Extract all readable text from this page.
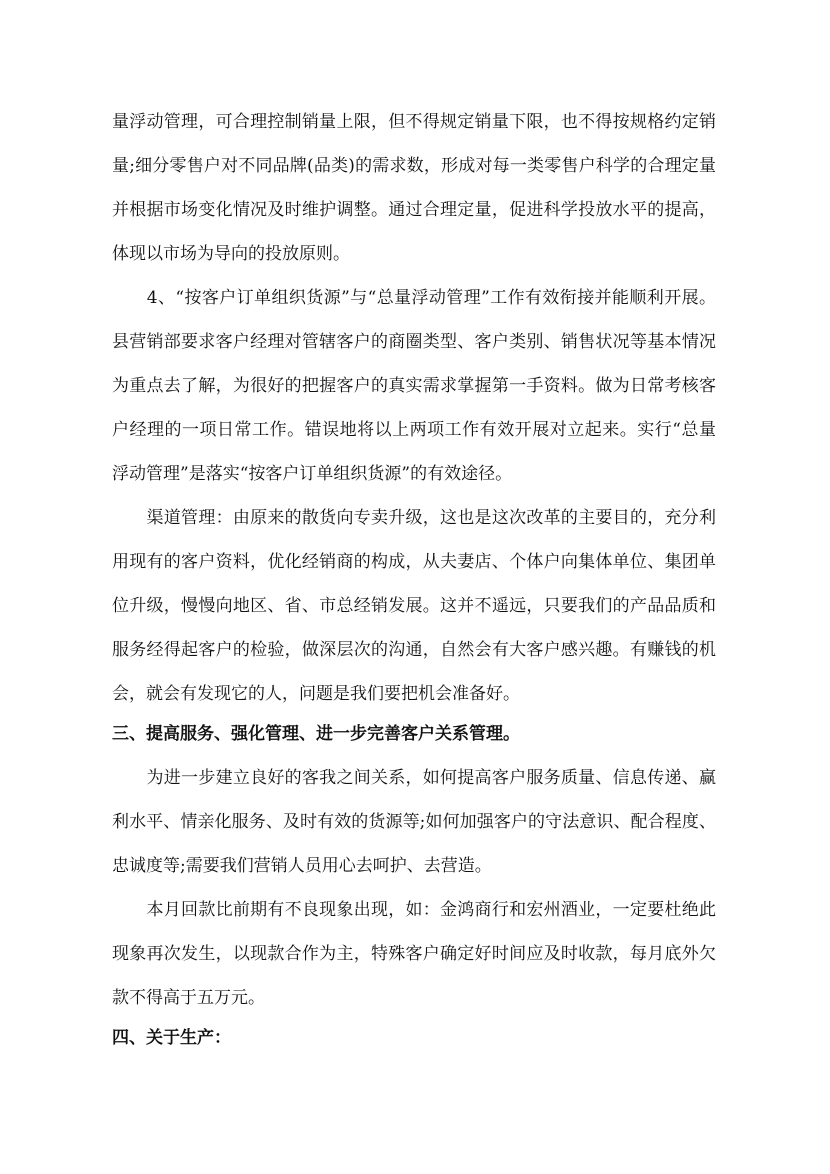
量浮动管理，可合理控制销量上限，但不得规定销量下限，也不得按规格约定销
量;细分零售户对不同品牌(品类)的需求数，形成对每一类零售户科学的合理定量
并根据市场变化情况及时维护调整。通过合理定量，促进科学投放水平的提高，
体现以市场为导向的投放原则。
　　4、“按客户订单组织货源”与“总量浮动管理”工作有效衔接并能顺利开展。
县营销部要求客户经理对管辖客户的商圈类型、客户类别、销售状况等基本情况
为重点去了解，为很好的把握客户的真实需求掌握第一手资料。做为日常考核客
户经理的一项日常工作。错误地将以上两项工作有效开展对立起来。实行“总量
浮动管理”是落实“按客户订单组织货源”的有效途径。
　　渠道管理：由原来的散货向专卖升级，这也是这次改革的主要目的，充分利
用现有的客户资料，优化经销商的构成，从夫妻店、个体户向集体单位、集团单
位升级，慢慢向地区、省、市总经销发展。这并不遥远，只要我们的产品品质和
服务经得起客户的检验，做深层次的沟通，自然会有大客户感兴趣。有赚钱的机
会，就会有发现它的人，问题是我们要把机会准备好。
三、提高服务、强化管理、进一步完善客户关系管理。
　　为进一步建立良好的客我之间关系，如何提高客户服务质量、信息传递、赢
利水平、情亲化服务、及时有效的货源等;如何加强客户的守法意识、配合程度、
忠诚度等;需要我们营销人员用心去呵护、去营造。
　　本月回款比前期有不良现象出现，如：金鸿商行和宏州酒业，一定要杜绝此
现象再次发生，以现款合作为主，特殊客户确定好时间应及时收款，每月底外欠
款不得高于五万元。
四、关于生产：
